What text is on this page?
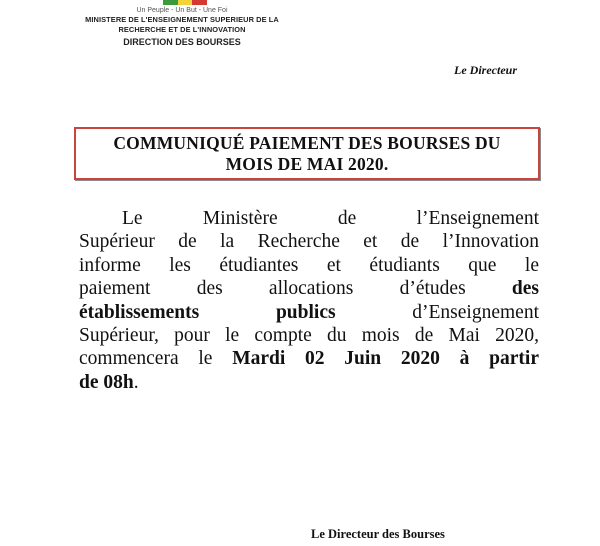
Un Peuple - Un But - Une Foi
MINISTERE DE L'ENSEIGNEMENT SUPERIEUR DE LA
RECHERCHE ET DE L'INNOVATION
DIRECTION DES BOURSES
Le Directeur
COMMUNIQUÉ PAIEMENT DES BOURSES DU
MOIS DE MAI 2020.
Le Ministère de l’Enseignement
Supérieur de la Recherche et de l’Innovation
informe les étudiantes et étudiants que le
paiement des allocations d’études des
établissements publics d’Enseignement
Supérieur, pour le compte du mois de Mai 2020,
commencera le Mardi 02 Juin 2020 à partir
de 08h.
Le Directeur des Bourses
